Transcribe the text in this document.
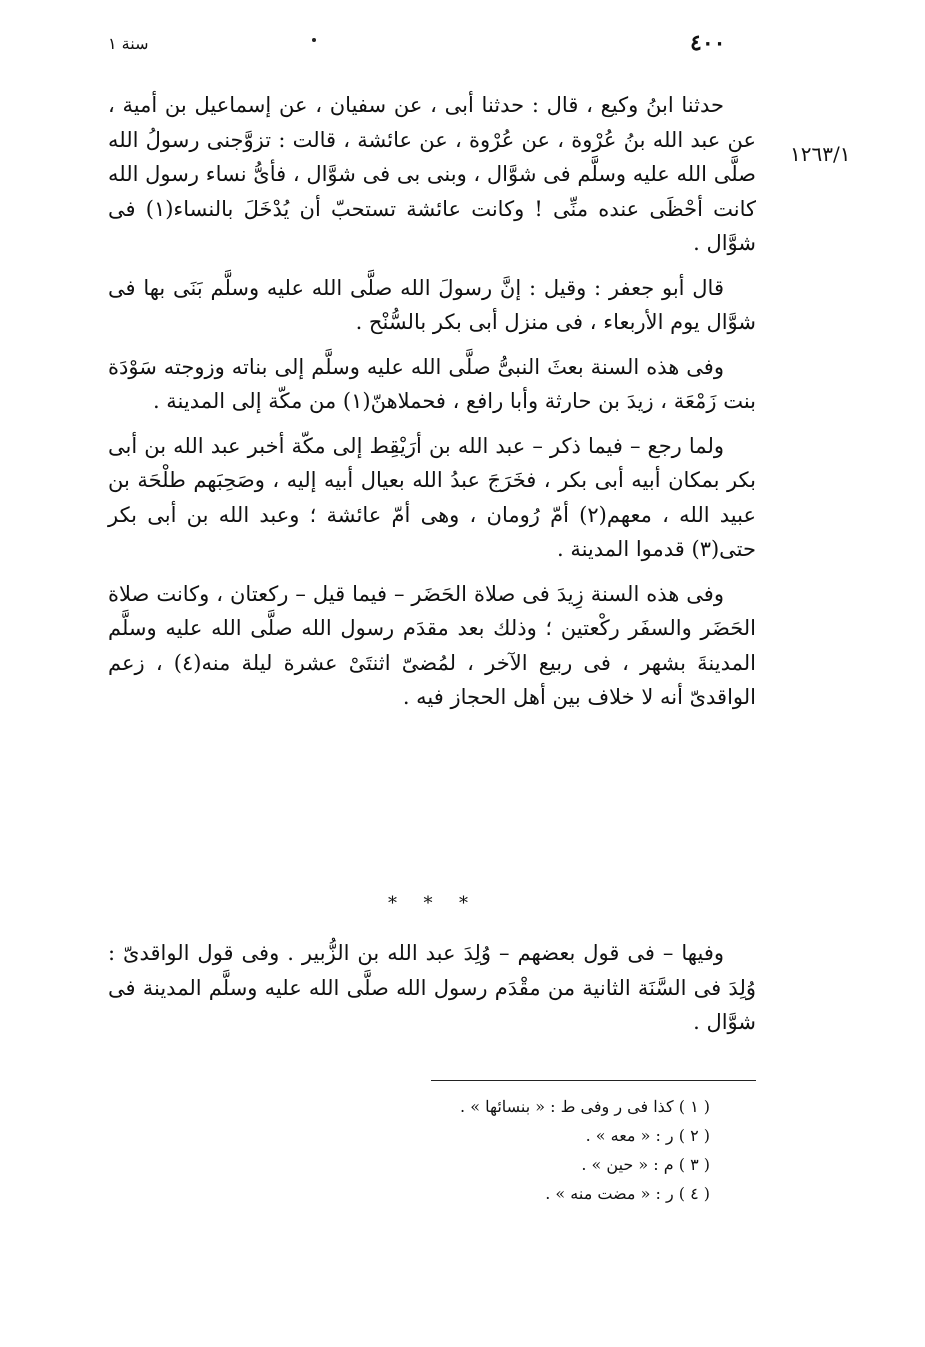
٤٠٠
سنة ١
١٢٦٣/١

حدثنا ابنُ وكيع ، قال : حدثنا أبى ، عن سفيان ، عن إسماعيل بن أمية ، عن عبد الله بنُ عُرْوة ، عن عُرْوة ، عن عائشة ، قالت : تزوَّجنى رسولُ الله صلَّى الله عليه وسلَّم فى شوَّال ، وبنى بى فى شوَّال ، فأىُّ نساء رسول الله كانت أحْظَى عنده منِّى ! وكانت عائشة تستحبّ أن يُدْخَلَ بالنساء(١) فى شوَّال .

قال أبو جعفر : وقيل : إنَّ رسولَ الله صلَّى الله عليه وسلَّم بَنَى بها فى شوَّال يوم الأربعاء ، فى منزل أبى بكر بالسُّنْح .

وفى هذه السنة بعثَ النبىُّ صلَّى الله عليه وسلَّم إلى بناته وزوجته سَوْدَة بنت زَمْعَة ، زيدَ بن حارثة وأبا رافع ، فحملاهنّ(١) من مكّة إلى المدينة .

ولما رجع – فيما ذكر – عبد الله بن أرَيْقِط إلى مكّة أخبر عبد الله بن أبى بكر بمكان أبيه أبى بكر ، فخَرَجَ عبدُ الله بعيال أبيه إليه ، وصَحِبَهم طلْحَة بن عبيد الله ، معهم(٢) أمّ رُومان ، وهى أمّ عائشة ؛ وعبد الله بن أبى بكر حتى(٣) قدموا المدينة .

وفى هذه السنة زِيدَ فى صلاة الحَضَر – فيما قيل – ركعتان ، وكانت صلاة الحَضَر والسفَر ركْعتين ؛ وذلك بعد مقدَم رسول الله صلَّى الله عليه وسلَّم المدينةَ بشهر ، فى ربيع الآخر ، لمُضىّ اثنتَىْ عشرة ليلة منه(٤) ، زعم الواقدىّ أنه لا خلاف بين أهل الحجاز فيه .

* * *

وفيها – فى قول بعضهم – وُلِدَ عبد الله بن الزُّبير . وفى قول الواقدىّ : وُلِدَ فى السَّنَة الثانية من مقْدَم رسول الله صلَّى الله عليه وسلَّم المدينة فى شوَّال .

( ١ ) كذا فى ر وفى ط : « بنسائها » .
( ٢ ) ر : « معه » .
( ٣ ) م : « حين » .
( ٤ ) ر : « مضت منه » .
